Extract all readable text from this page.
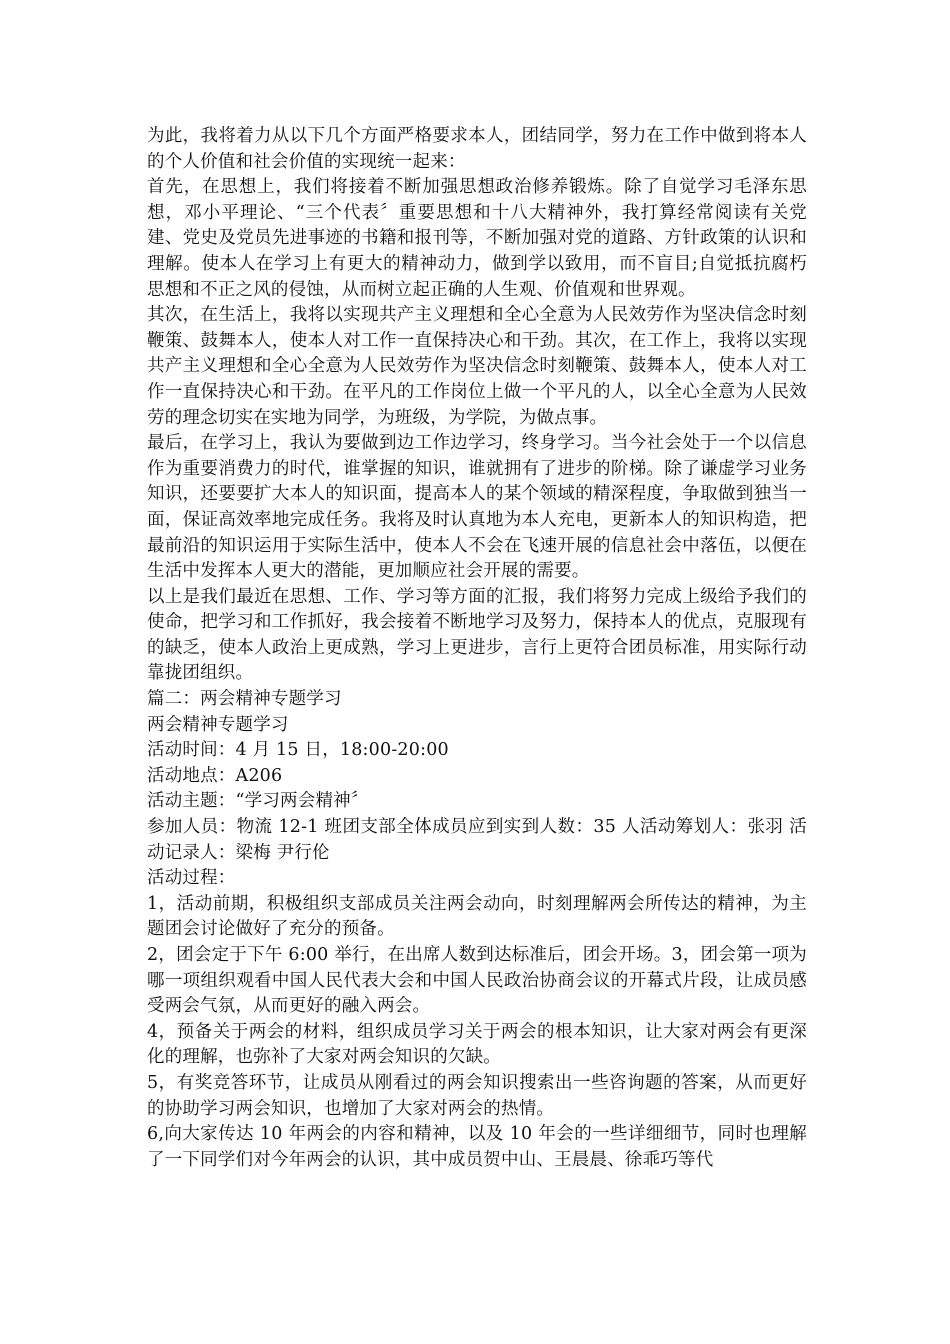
为此，我将着力从以下几个方面严格要求本人，团结同学，努力在工作中做到将本人的个人价值和社会价值的实现统一起来：

首先，在思想上，我们将接着不断加强思想政治修养锻炼。除了自觉学习毛泽东思想，邓小平理论、“三个代表〞重要思想和十八大精神外，我打算经常阅读有关党建、党史及党员先进事迹的书籍和报刊等，不断加强对党的道路、方针政策的认识和理解。使本人在学习上有更大的精神动力，做到学以致用，而不盲目;自觉抵抗腐朽思想和不正之风的侵蚀，从而树立起正确的人生观、价值观和世界观。

其次，在生活上，我将以实现共产主义理想和全心全意为人民效劳作为坚决信念时刻鞭策、鼓舞本人，使本人对工作一直保持决心和干劲。其次，在工作上，我将以实现共产主义理想和全心全意为人民效劳作为坚决信念时刻鞭策、鼓舞本人，使本人对工作一直保持决心和干劲。在平凡的工作岗位上做一个平凡的人，以全心全意为人民效劳的理念切实在实地为同学，为班级，为学院，为做点事。

最后，在学习上，我认为要做到边工作边学习，终身学习。当今社会处于一个以信息作为重要消费力的时代，谁掌握的知识，谁就拥有了进步的阶梯。除了谦虚学习业务知识，还要要扩大本人的知识面，提高本人的某个领域的精深程度，争取做到独当一面，保证高效率地完成任务。我将及时认真地为本人充电，更新本人的知识构造，把最前沿的知识运用于实际生活中，使本人不会在飞速开展的信息社会中落伍，以便在生活中发挥本人更大的潜能，更加顺应社会开展的需要。

以上是我们最近在思想、工作、学习等方面的汇报，我们将努力完成上级给予我们的使命，把学习和工作抓好，我会接着不断地学习及努力，保持本人的优点，克服现有的缺乏，使本人政治上更成熟，学习上更进步，言行上更符合团员标准，用实际行动靠拢团组织。

篇二：两会精神专题学习

两会精神专题学习

活动时间：4 月 15 日，18:00-20:00

活动地点：A206

活动主题：“学习两会精神〞

参加人员：物流 12-1 班团支部全体成员应到实到人数：35 人活动筹划人：张羽 活动记录人：梁梅 尹行伦

活动过程：

1，活动前期，积极组织支部成员关注两会动向，时刻理解两会所传达的精神，为主题团会讨论做好了充分的预备。

2，团会定于下午 6:00 举行，在出席人数到达标准后，团会开场。3，团会第一项为哪一项组织观看中国人民代表大会和中国人民政治协商会议的开幕式片段，让成员感受两会气氛，从而更好的融入两会。

4，预备关于两会的材料，组织成员学习关于两会的根本知识，让大家对两会有更深化的理解，也弥补了大家对两会知识的欠缺。

5，有奖竞答环节，让成员从刚看过的两会知识搜索出一些咨询题的答案，从而更好的协助学习两会知识，也增加了大家对两会的热情。

6,向大家传达 10 年两会的内容和精神，以及 10 年会的一些详细细节，同时也理解了一下同学们对今年两会的认识，其中成员贺中山、王晨晨、徐乖巧等代
